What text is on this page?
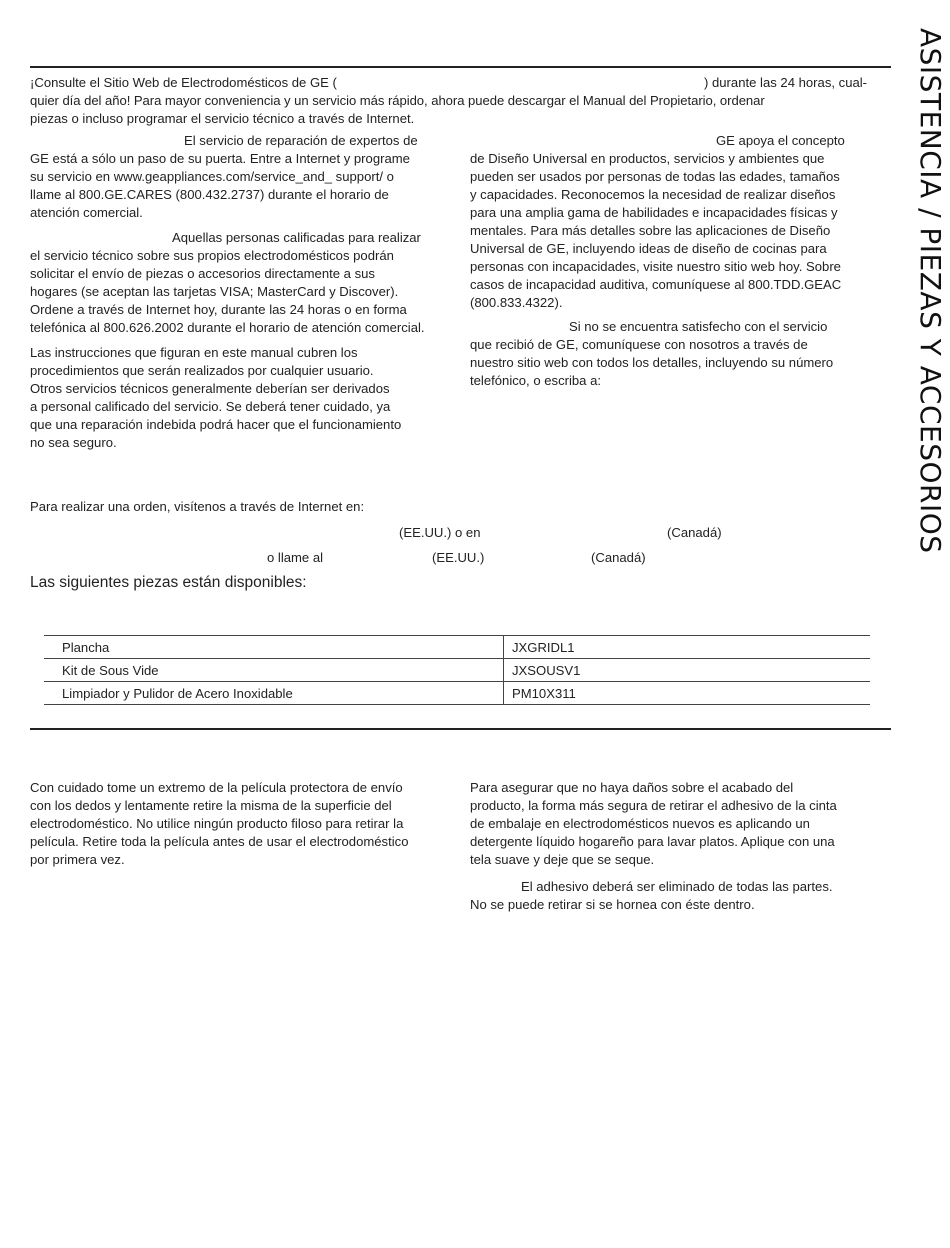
ASISTENCIA / PIEZAS Y ACCESORIOS
¡Consulte el Sitio Web de Electrodomésticos de GE (	) durante las 24 horas, cual-
quier día del año! Para mayor conveniencia y un servicio más rápido, ahora puede descargar el Manual del Propietario, ordenar
piezas o incluso programar el servicio técnico a través de Internet.
El servicio de reparación de expertos de
GE está a sólo un paso de su puerta. Entre a Internet y programe
su servicio en www.geappliances.com/service_and_ support/ o
llame al 800.GE.CARES (800.432.2737) durante el horario de
atención comercial.
Aquellas personas calificadas para realizar
el servicio técnico sobre sus propios electrodomésticos podrán
solicitar el envío de piezas o accesorios directamente a sus
hogares (se aceptan las tarjetas VISA; MasterCard y Discover).
Ordene a través de Internet hoy, durante las 24 horas o en forma
telefónica al 800.626.2002 durante el horario de atención comercial.
Las instrucciones que figuran en este manual cubren los
procedimientos que serán realizados por cualquier usuario.
Otros servicios técnicos generalmente deberían ser derivados
a personal calificado del servicio. Se deberá tener cuidado, ya
que una reparación indebida podrá hacer que el funcionamiento
no sea seguro.
GE apoya el concepto
de Diseño Universal en productos, servicios y ambientes que
pueden ser usados por personas de todas las edades, tamaños
y capacidades. Reconocemos la necesidad de realizar diseños
para una amplia gama de habilidades e incapacidades físicas y
mentales. Para más detalles sobre las aplicaciones de Diseño
Universal de GE, incluyendo ideas de diseño de cocinas para
personas con incapacidades, visite nuestro sitio web hoy. Sobre
casos de incapacidad auditiva, comuníquese al 800.TDD.GEAC
(800.833.4322).
Si no se encuentra satisfecho con el servicio
que recibió de GE, comuníquese con nosotros a través de
nuestro sitio web con todos los detalles, incluyendo su número
telefónico, o escriba a:
Para realizar una orden, visítenos a través de Internet en:
(EE.UU.) o en	(Canadá)
o llame al	(EE.UU.)	(Canadá)
Las siguientes piezas están disponibles:
Plancha	JXGRIDL1
Kit de Sous Vide	JXSOUSV1
Limpiador y Pulidor de Acero Inoxidable	PM10X311
Con cuidado tome un extremo de la película protectora de envío
con los dedos y lentamente retire la misma de la superficie del
electrodoméstico. No utilice ningún producto filoso para retirar la
película. Retire toda la película antes de usar el electrodoméstico
por primera vez.
Para asegurar que no haya daños sobre el acabado del
producto, la forma más segura de retirar el adhesivo de la cinta
de embalaje en electrodomésticos nuevos es aplicando un
detergente líquido hogareño para lavar platos. Aplique con una
tela suave y deje que se seque.
El adhesivo deberá ser eliminado de todas las partes.
No se puede retirar si se hornea con éste dentro.
